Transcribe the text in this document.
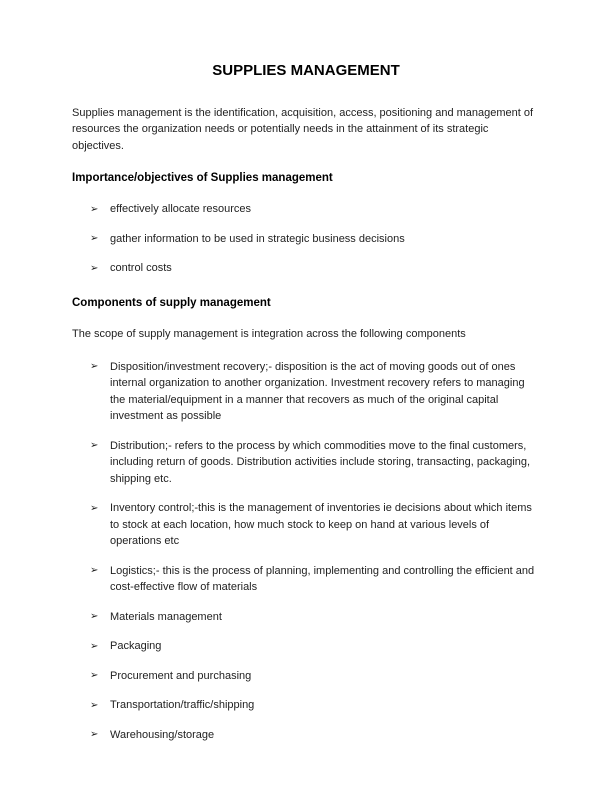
SUPPLIES MANAGEMENT

Supplies management is the identification, acquisition, access, positioning and management of resources the organization needs or potentially needs in the attainment of its strategic objectives.

Importance/objectives of Supplies management
➢ effectively allocate resources
➢ gather information to be used in strategic business decisions
➢ control costs
Components of supply management

The scope of supply management is integration across the following components

➢ Disposition/investment recovery;- disposition is the act of moving goods out of ones internal organization to another organization. Investment recovery refers to managing the material/equipment in a manner that recovers as much of the original capital investment as possible
➢ Distribution;- refers to the process by which commodities move to the final customers, including return of goods. Distribution activities include storing, transacting, packaging, shipping etc.
➢ Inventory control;-this is the management of inventories ie decisions about which items to stock at each location, how much stock to keep on hand at various levels of operations etc
➢ Logistics;- this is the process of planning, implementing and controlling the efficient and cost-effective flow of materials
➢ Materials management
➢ Packaging
➢ Procurement and purchasing
➢ Transportation/traffic/shipping
➢ Warehousing/storage
